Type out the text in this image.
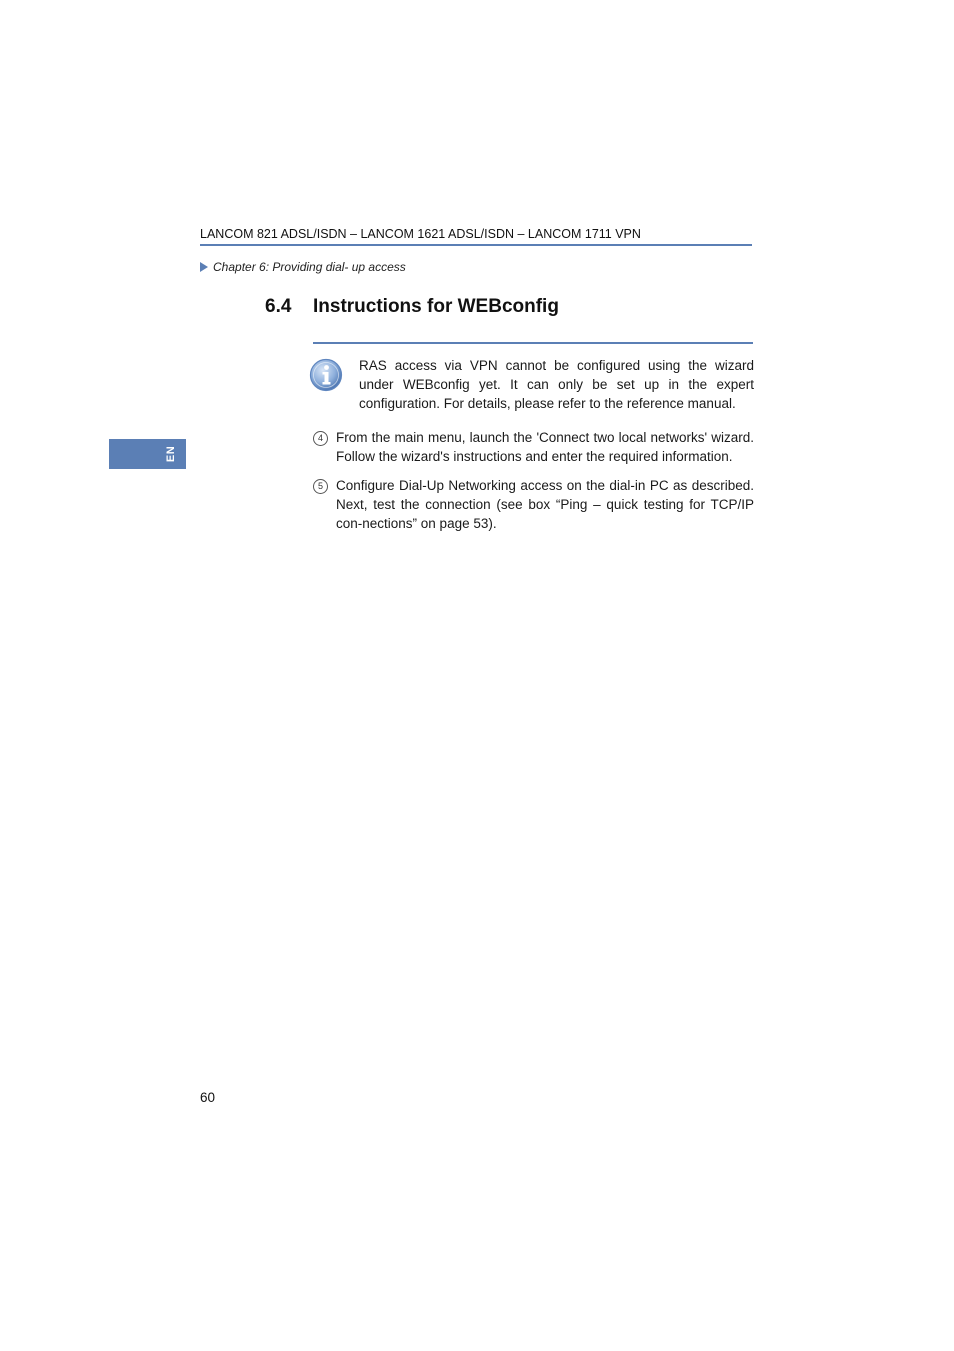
LANCOM 821 ADSL/ISDN – LANCOM 1621 ADSL/ISDN – LANCOM 1711 VPN
Chapter 6: Providing dial- up access
6.4 Instructions for WEBconfig
RAS access via VPN cannot be configured using the wizard under WEBconfig yet. It can only be set up in the expert configuration. For details, please refer to the reference manual.
4 From the main menu, launch the 'Connect two local networks' wizard. Follow the wizard's instructions and enter the required information.
5 Configure Dial-Up Networking access on the dial-in PC as described. Next, test the connection (see box “Ping – quick testing for TCP/IP con-nections” on page 53).
EN
60
